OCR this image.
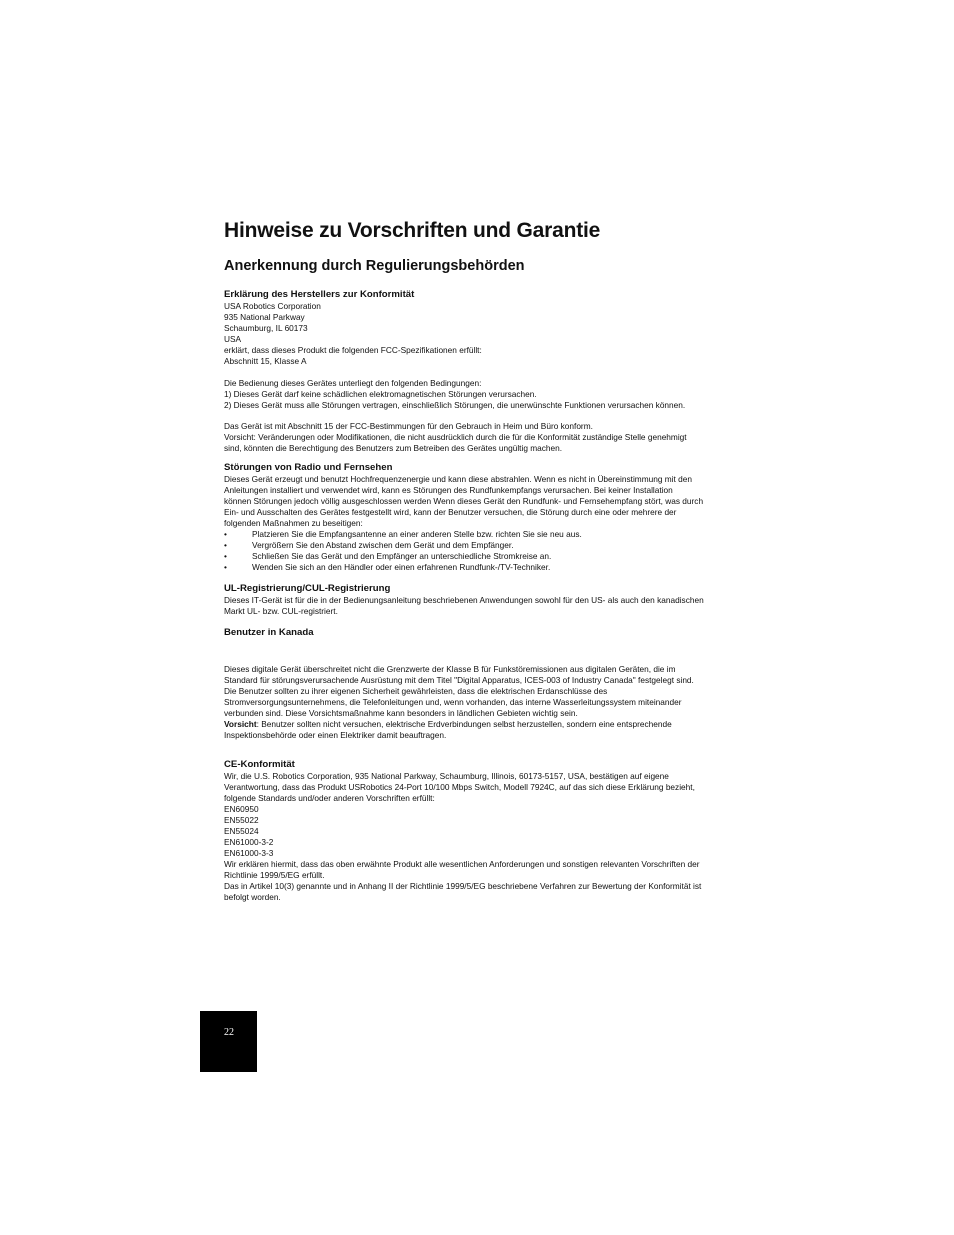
Hinweise zu Vorschriften und Garantie
Anerkennung durch Regulierungsbehörden
Erklärung des Herstellers zur Konformität
USA Robotics Corporation
935 National Parkway
Schaumburg, IL 60173
USA
erklärt, dass dieses Produkt die folgenden FCC-Spezifikationen erfüllt:
Abschnitt 15, Klasse A
Die Bedienung dieses Gerätes unterliegt den folgenden Bedingungen:
1) Dieses Gerät darf keine schädlichen elektromagnetischen Störungen verursachen.
2) Dieses Gerät muss alle Störungen vertragen, einschließlich Störungen, die unerwünschte Funktionen verursachen können.
Das Gerät ist mit Abschnitt 15 der FCC-Bestimmungen für den Gebrauch in Heim und Büro konform.
Vorsicht: Veränderungen oder Modifikationen, die nicht ausdrücklich durch die für die Konformität zuständige Stelle genehmigt
sind, könnten die Berechtigung des Benutzers zum Betreiben des Gerätes ungültig machen.
Störungen von Radio und Fernsehen
Dieses Gerät erzeugt und benutzt Hochfrequenzenergie und kann diese abstrahlen. Wenn es nicht in Übereinstimmung mit den
Anleitungen installiert und verwendet wird, kann es Störungen des Rundfunkempfangs verursachen. Bei keiner Installation
können Störungen jedoch völlig ausgeschlossen werden Wenn dieses Gerät den Rundfunk- und Fernsehempfang stört, was durch
Ein- und Ausschalten des Gerätes festgestellt wird, kann der Benutzer versuchen, die Störung durch eine oder mehrere der
folgenden Maßnahmen zu beseitigen:
•	Platzieren Sie die Empfangsantenne an einer anderen Stelle bzw. richten Sie sie neu aus.
•	Vergrößern Sie den Abstand zwischen dem Gerät und dem Empfänger.
•	Schließen Sie das Gerät und den Empfänger an unterschiedliche Stromkreise an.
•	Wenden Sie sich an den Händler oder einen erfahrenen Rundfunk-/TV-Techniker.
UL-Registrierung/CUL-Registrierung
Dieses IT-Gerät ist für die in der Bedienungsanleitung beschriebenen Anwendungen sowohl für den US- als auch den kanadischen
Markt UL- bzw. CUL-registriert.
Benutzer in Kanada
Dieses digitale Gerät überschreitet nicht die Grenzwerte der Klasse B für Funkstöremissionen aus digitalen Geräten, die im
Standard für störungsverursachende Ausrüstung mit dem Titel "Digital Apparatus, ICES-003 of Industry Canada" festgelegt sind.
Die Benutzer sollten zu ihrer eigenen Sicherheit gewährleisten, dass die elektrischen Erdanschlüsse des
Stromversorgungsunternehmens, die Telefonleitungen und, wenn vorhanden, das interne Wasserleitungssystem miteinander
verbunden sind. Diese Vorsichtsmaßnahme kann besonders in ländlichen Gebieten wichtig sein.
Vorsicht: Benutzer sollten nicht versuchen, elektrische Erdverbindungen selbst herzustellen, sondern eine entsprechende
Inspektionsbehörde oder einen Elektriker damit beauftragen.
CE-Konformität
Wir, die U.S. Robotics Corporation, 935 National Parkway, Schaumburg, Illinois, 60173-5157, USA, bestätigen auf eigene
Verantwortung, dass das Produkt USRobotics 24-Port 10/100 Mbps Switch, Modell 7924C, auf das sich diese Erklärung bezieht,
folgende Standards und/oder anderen Vorschriften erfüllt:
EN60950
EN55022
EN55024
EN61000-3-2
EN61000-3-3
Wir erklären hiermit, dass das oben erwähnte Produkt alle wesentlichen Anforderungen und sonstigen relevanten Vorschriften der
Richtlinie 1999/5/EG erfüllt.
Das in Artikel 10(3) genannte und in Anhang II der Richtlinie 1999/5/EG beschriebene Verfahren zur Bewertung der Konformität ist
befolgt worden.
22
